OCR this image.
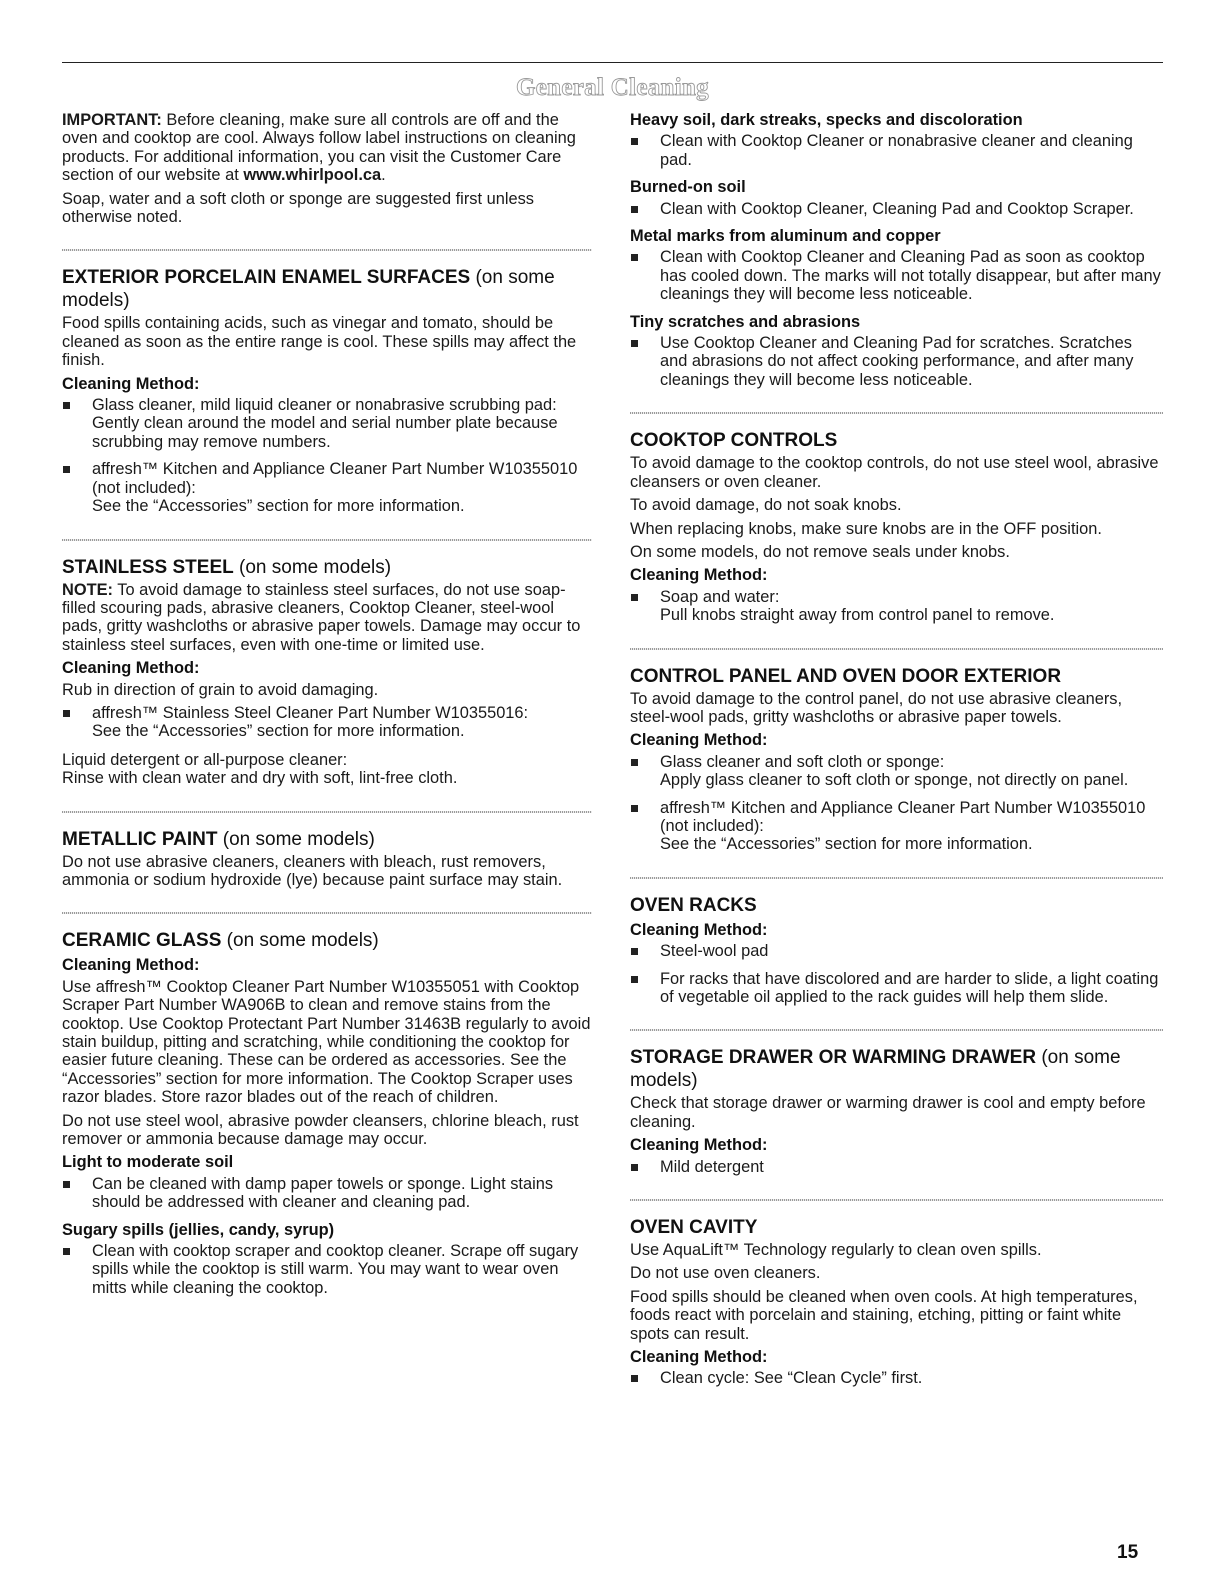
General Cleaning

IMPORTANT: Before cleaning, make sure all controls are off and the oven and cooktop are cool. Always follow label instructions on cleaning products. For additional information, you can visit the Customer Care section of our website at www.whirlpool.ca.

Soap, water and a soft cloth or sponge are suggested first unless otherwise noted.

EXTERIOR PORCELAIN ENAMEL SURFACES (on some models)

Food spills containing acids, such as vinegar and tomato, should be cleaned as soon as the entire range is cool. These spills may affect the finish.

Cleaning Method:
Glass cleaner, mild liquid cleaner or nonabrasive scrubbing pad:
Gently clean around the model and serial number plate because scrubbing may remove numbers.
affresh™ Kitchen and Appliance Cleaner Part Number W10355010 (not included):
See the “Accessories” section for more information.
STAINLESS STEEL (on some models)

NOTE: To avoid damage to stainless steel surfaces, do not use soap-filled scouring pads, abrasive cleaners, Cooktop Cleaner, steel-wool pads, gritty washcloths or abrasive paper towels. Damage may occur to stainless steel surfaces, even with one-time or limited use.

Cleaning Method:

Rub in direction of grain to avoid damaging.

affresh™ Stainless Steel Cleaner Part Number W10355016:
See the “Accessories” section for more information.

Liquid detergent or all-purpose cleaner:
Rinse with clean water and dry with soft, lint-free cloth.

METALLIC PAINT (on some models)

Do not use abrasive cleaners, cleaners with bleach, rust removers, ammonia or sodium hydroxide (lye) because paint surface may stain.

CERAMIC GLASS (on some models)
Cleaning Method:

Use affresh™ Cooktop Cleaner Part Number W10355051 with Cooktop Scraper Part Number WA906B to clean and remove stains from the cooktop. Use Cooktop Protectant Part Number 31463B regularly to avoid stain buildup, pitting and scratching, while conditioning the cooktop for easier future cleaning. These can be ordered as accessories. See the “Accessories” section for more information. The Cooktop Scraper uses razor blades. Store razor blades out of the reach of children.

Do not use steel wool, abrasive powder cleansers, chlorine bleach, rust remover or ammonia because damage may occur.

Light to moderate soil
Can be cleaned with damp paper towels or sponge. Light stains should be addressed with cleaner and cleaning pad.
Sugary spills (jellies, candy, syrup)
Clean with cooktop scraper and cooktop cleaner. Scrape off sugary spills while the cooktop is still warm. You may want to wear oven mitts while cleaning the cooktop.
Heavy soil, dark streaks, specks and discoloration
Clean with Cooktop Cleaner or nonabrasive cleaner and cleaning pad.
Burned-on soil
Clean with Cooktop Cleaner, Cleaning Pad and Cooktop Scraper.
Metal marks from aluminum and copper
Clean with Cooktop Cleaner and Cleaning Pad as soon as cooktop has cooled down. The marks will not totally disappear, but after many cleanings they will become less noticeable.
Tiny scratches and abrasions
Use Cooktop Cleaner and Cleaning Pad for scratches. Scratches and abrasions do not affect cooking performance, and after many cleanings they will become less noticeable.
COOKTOP CONTROLS

To avoid damage to the cooktop controls, do not use steel wool, abrasive cleansers or oven cleaner.

To avoid damage, do not soak knobs.

When replacing knobs, make sure knobs are in the OFF position.

On some models, do not remove seals under knobs.

Cleaning Method:
Soap and water:
Pull knobs straight away from control panel to remove.
CONTROL PANEL AND OVEN DOOR EXTERIOR

To avoid damage to the control panel, do not use abrasive cleaners, steel-wool pads, gritty washcloths or abrasive paper towels.

Cleaning Method:
Glass cleaner and soft cloth or sponge:
Apply glass cleaner to soft cloth or sponge, not directly on panel.
affresh™ Kitchen and Appliance Cleaner Part Number W10355010 (not included):
See the “Accessories” section for more information.
OVEN RACKS
Cleaning Method:
Steel-wool pad
For racks that have discolored and are harder to slide, a light coating of vegetable oil applied to the rack guides will help them slide.
STORAGE DRAWER OR WARMING DRAWER (on some models)

Check that storage drawer or warming drawer is cool and empty before cleaning.

Cleaning Method:
Mild detergent
OVEN CAVITY

Use AquaLift™ Technology regularly to clean oven spills.

Do not use oven cleaners.

Food spills should be cleaned when oven cools. At high temperatures, foods react with porcelain and staining, etching, pitting or faint white spots can result.

Cleaning Method:
Clean cycle: See “Clean Cycle” first.
15
